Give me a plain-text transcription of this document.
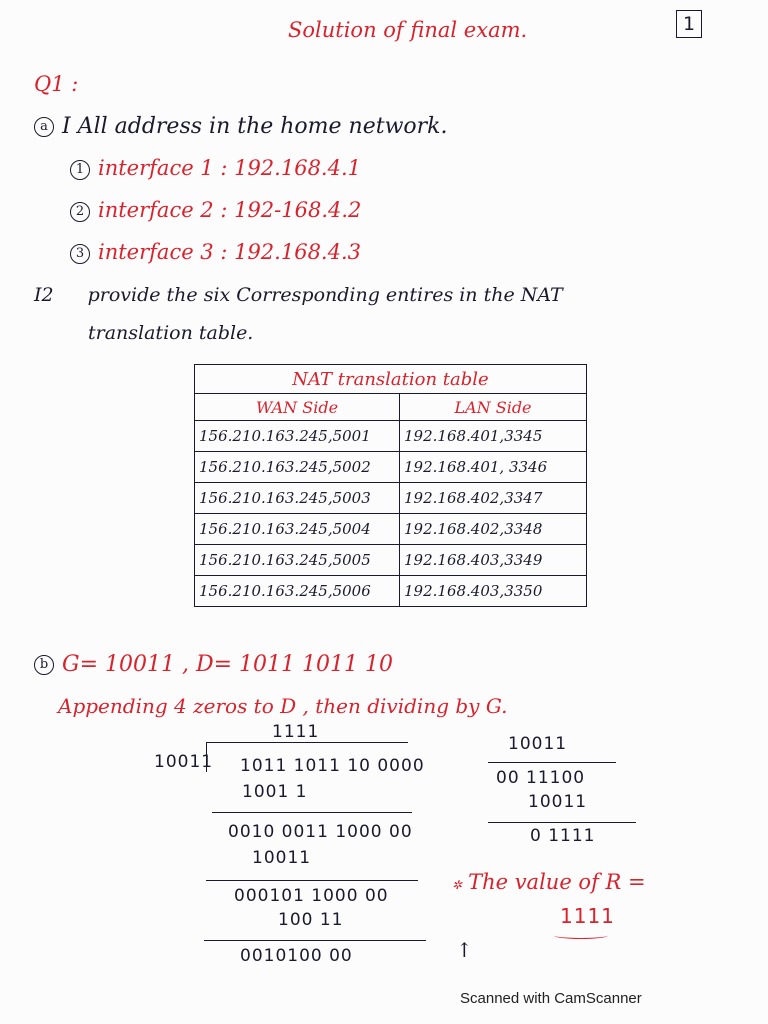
Solution of final exam.	1
Q1 :
a I All address in the home network.
1 interface 1 : 192.168.4.1
2 interface 2 : 192-168.4.2
3 interface 3 : 192.168.4.3
I2 provide the six Corresponding entires in the NAT
translation table.
NAT translation table	
WAN Side	LAN Side
156.210.163.245,5001	192.168.401,3345
156.210.163.245,5002	192.168.401, 3346
156.210.163.245,5003	192.168.402,3347
156.210.163.245,5004	192.168.402,3348
156.210.163.245,5005	192.168.403,3349
156.210.163.245,5006	192.168.403,3350
b G= 10011 , D= 1011 1011 10
Appending 4 zeros to D , then dividing by G.
1111
10011 1011 1011 10 0000
1001 1
0010 0011 1000 00
10011
000101 1000 00
100 11
0010100 00
10011
00 11100
10011
0 1111
✲ The value of R =
1111
↑
Scanned with CamScanner
